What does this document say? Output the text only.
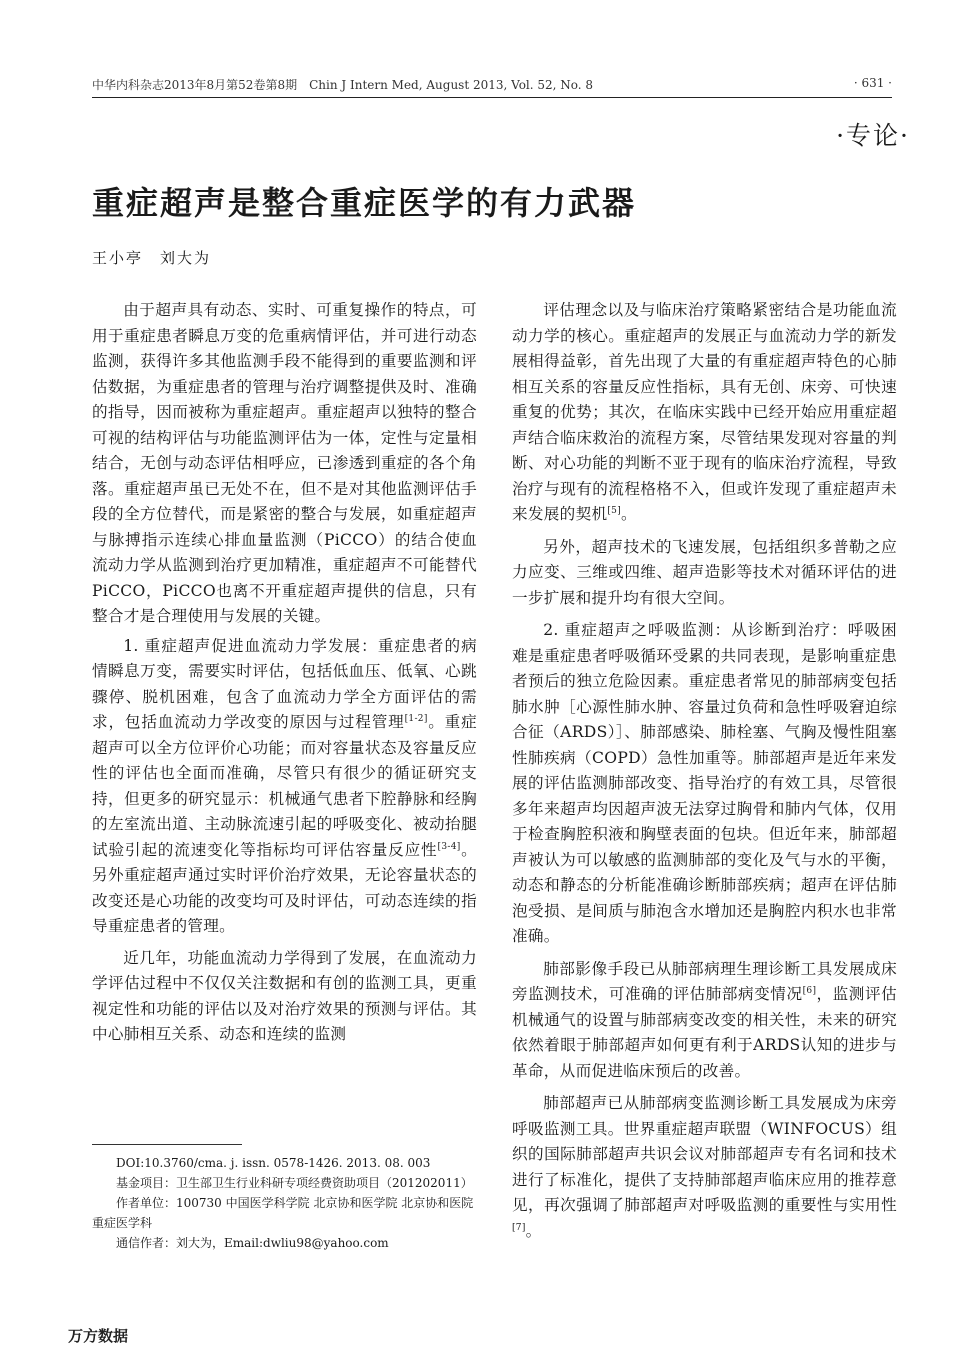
中华内科杂志2013年8月第52卷第8期　Chin J Intern Med, August 2013, Vol. 52, No. 8	· 631 ·
·专论·
重症超声是整合重症医学的有力武器
王小亭　刘大为

由于超声具有动态、实时、可重复操作的特点，可用于重症患者瞬息万变的危重病情评估，并可进行动态监测，获得许多其他监测手段不能得到的重要监测和评估数据，为重症患者的管理与治疗调整提供及时、准确的指导，因而被称为重症超声。重症超声以独特的整合可视的结构评估与功能监测评估为一体，定性与定量相结合，无创与动态评估相呼应，已渗透到重症的各个角落。重症超声虽已无处不在，但不是对其他监测评估手段的全方位替代，而是紧密的整合与发展，如重症超声与脉搏指示连续心排血量监测（PiCCO）的结合使血流动力学从监测到治疗更加精准，重症超声不可能替代PiCCO，PiCCO也离不开重症超声提供的信息，只有整合才是合理使用与发展的关键。

1. 重症超声促进血流动力学发展：重症患者的病情瞬息万变，需要实时评估，包括低血压、低氧、心跳骤停、脱机困难，包含了血流动力学全方面评估的需求，包括血流动力学改变的原因与过程管理[1-2]。重症超声可以全方位评价心功能；而对容量状态及容量反应性的评估也全面而准确，尽管只有很少的循证研究支持，但更多的研究显示：机械通气患者下腔静脉和经胸的左室流出道、主动脉流速引起的呼吸变化、被动抬腿试验引起的流速变化等指标均可评估容量反应性[3-4]。另外重症超声通过实时评价治疗效果，无论容量状态的改变还是心功能的改变均可及时评估，可动态连续的指导重症患者的管理。

近几年，功能血流动力学得到了发展，在血流动力学评估过程中不仅仅关注数据和有创的监测工具，更重视定性和功能的评估以及对治疗效果的预测与评估。其中心肺相互关系、动态和连续的监测

评估理念以及与临床治疗策略紧密结合是功能血流动力学的核心。重症超声的发展正与血流动力学的新发展相得益彰，首先出现了大量的有重症超声特色的心肺相互关系的容量反应性指标，具有无创、床旁、可快速重复的优势；其次，在临床实践中已经开始应用重症超声结合临床救治的流程方案，尽管结果发现对容量的判断、对心功能的判断不亚于现有的临床治疗流程，导致治疗与现有的流程格格不入，但或许发现了重症超声未来发展的契机[5]。

另外，超声技术的飞速发展，包括组织多普勒之应力应变、三维或四维、超声造影等技术对循环评估的进一步扩展和提升均有很大空间。

2. 重症超声之呼吸监测：从诊断到治疗：呼吸困难是重症患者呼吸循环受累的共同表现，是影响重症患者预后的独立危险因素。重症患者常见的肺部病变包括肺水肿［心源性肺水肿、容量过负荷和急性呼吸窘迫综合征（ARDS）］、肺部感染、肺栓塞、气胸及慢性阻塞性肺疾病（COPD）急性加重等。肺部超声是近年来发展的评估监测肺部改变、指导治疗的有效工具，尽管很多年来超声均因超声波无法穿过胸骨和肺内气体，仅用于检查胸腔积液和胸壁表面的包块。但近年来，肺部超声被认为可以敏感的监测肺部的变化及气与水的平衡，动态和静态的分析能准确诊断肺部疾病；超声在评估肺泡受损、是间质与肺泡含水增加还是胸腔内积水也非常准确。

肺部影像手段已从肺部病理生理诊断工具发展成床旁监测技术，可准确的评估肺部病变情况[6]，监测评估机械通气的设置与肺部病变改变的相关性，未来的研究依然着眼于肺部超声如何更有利于ARDS认知的进步与革命，从而促进临床预后的改善。

肺部超声已从肺部病变监测诊断工具发展成为床旁呼吸监测工具。世界重症超声联盟（WINFOCUS）组织的国际肺部超声共识会议对肺部超声专有名词和技术进行了标准化，提供了支持肺部超声临床应用的推荐意见，再次强调了肺部超声对呼吸监测的重要性与实用性[7]。

DOI:10.3760/cma. j. issn. 0578-1426. 2013. 08. 003
基金项目：卫生部卫生行业科研专项经费资助项目（201202011）
作者单位：100730 中国医学科学院 北京协和医学院 北京协和医院重症医学科
通信作者：刘大为，Email:dwliu98@yahoo.com
万方数据
